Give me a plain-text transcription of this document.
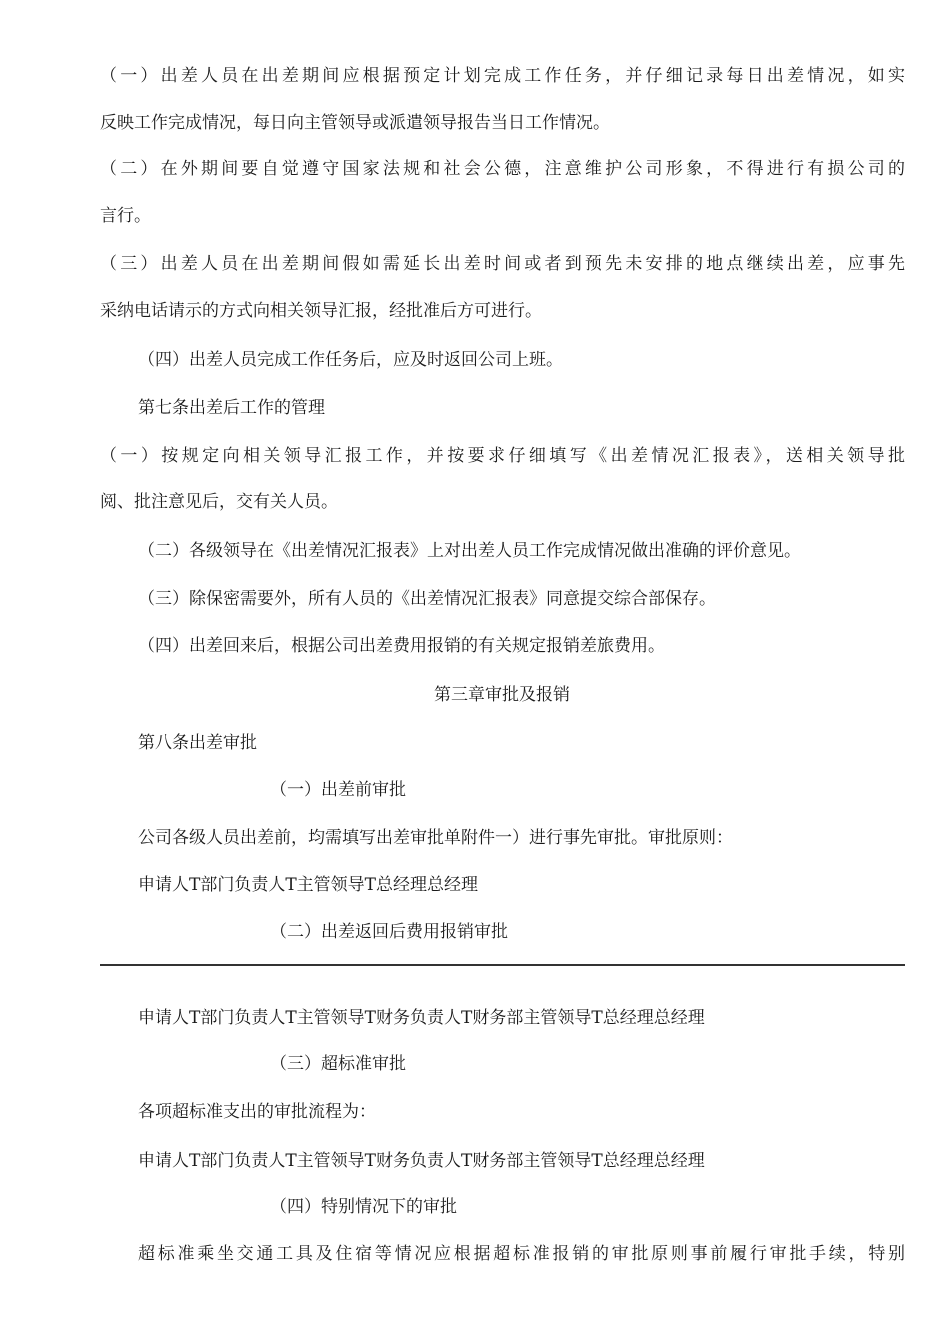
（一）出差人员在出差期间应根据预定计划完成工作任务，并仔细记录每日出差情况，如实
反映工作完成情况，每日向主管领导或派遣领导报告当日工作情况。
（二）在外期间要自觉遵守国家法规和社会公德，注意维护公司形象，不得进行有损公司的
言行。
（三）出差人员在出差期间假如需延长出差时间或者到预先未安排的地点继续出差，应事先
采纳电话请示的方式向相关领导汇报，经批准后方可进行。
（四）出差人员完成工作任务后，应及时返回公司上班。
第七条出差后工作的管理
（一）按规定向相关领导汇报工作，并按要求仔细填写《出差情况汇报表》，送相关领导批
阅、批注意见后，交有关人员。
（二）各级领导在《出差情况汇报表》上对出差人员工作完成情况做出准确的评价意见。
（三）除保密需要外，所有人员的《出差情况汇报表》同意提交综合部保存。
（四）出差回来后，根据公司出差费用报销的有关规定报销差旅费用。
第三章审批及报销
第八条出差审批
（一）出差前审批
公司各级人员出差前，均需填写出差审批单附件一）进行事先审批。审批原则：
申请人T部门负责人T主管领导T总经理总经理
（二）出差返回后费用报销审批
申请人T部门负责人T主管领导T财务负责人T财务部主管领导T总经理总经理
（三）超标准审批
各项超标准支出的审批流程为：
申请人T部门负责人T主管领导T财务负责人T财务部主管领导T总经理总经理
（四）特别情况下的审批
超标准乘坐交通工具及住宿等情况应根据超标准报销的审批原则事前履行审批手续，特别
